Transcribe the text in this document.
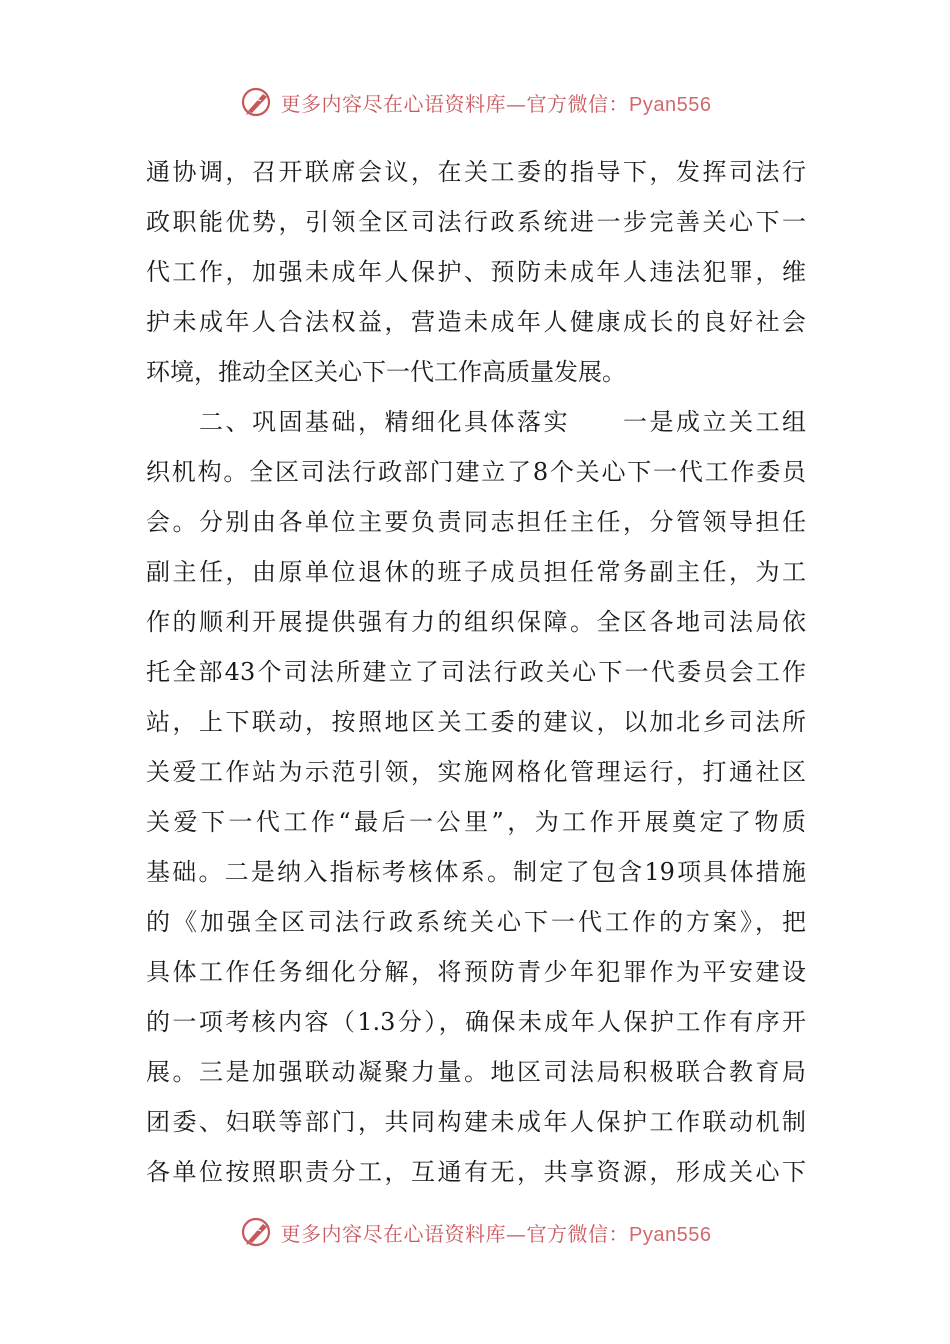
更多内容尽在心语资料库—官方微信：Pyan556
通协调，召开联席会议，在关工委的指导下，发挥司法行
政职能优势，引领全区司法行政系统进一步完善关心下一
代工作，加强未成年人保护、预防未成年人违法犯罪，维
护未成年人合法权益，营造未成年人健康成长的良好社会
环境，推动全区关心下一代工作高质量发展。
　　二、巩固基础，精细化具体落实　　一是成立关工组
织机构。全区司法行政部门建立了8个关心下一代工作委员
会。分别由各单位主要负责同志担任主任，分管领导担任
副主任，由原单位退休的班子成员担任常务副主任，为工
作的顺利开展提供强有力的组织保障。全区各地司法局依
托全部43个司法所建立了司法行政关心下一代委员会工作
站，上下联动，按照地区关工委的建议，以加北乡司法所
关爱工作站为示范引领，实施网格化管理运行，打通社区
关爱下一代工作“最后一公里”，为工作开展奠定了物质
基础。二是纳入指标考核体系。制定了包含19项具体措施
的《加强全区司法行政系统关心下一代工作的方案》，把
具体工作任务细化分解，将预防青少年犯罪作为平安建设
的一项考核内容（1.3分），确保未成年人保护工作有序开
展。三是加强联动凝聚力量。地区司法局积极联合教育局
团委、妇联等部门，共同构建未成年人保护工作联动机制
各单位按照职责分工，互通有无，共享资源，形成关心下
更多内容尽在心语资料库—官方微信：Pyan556
